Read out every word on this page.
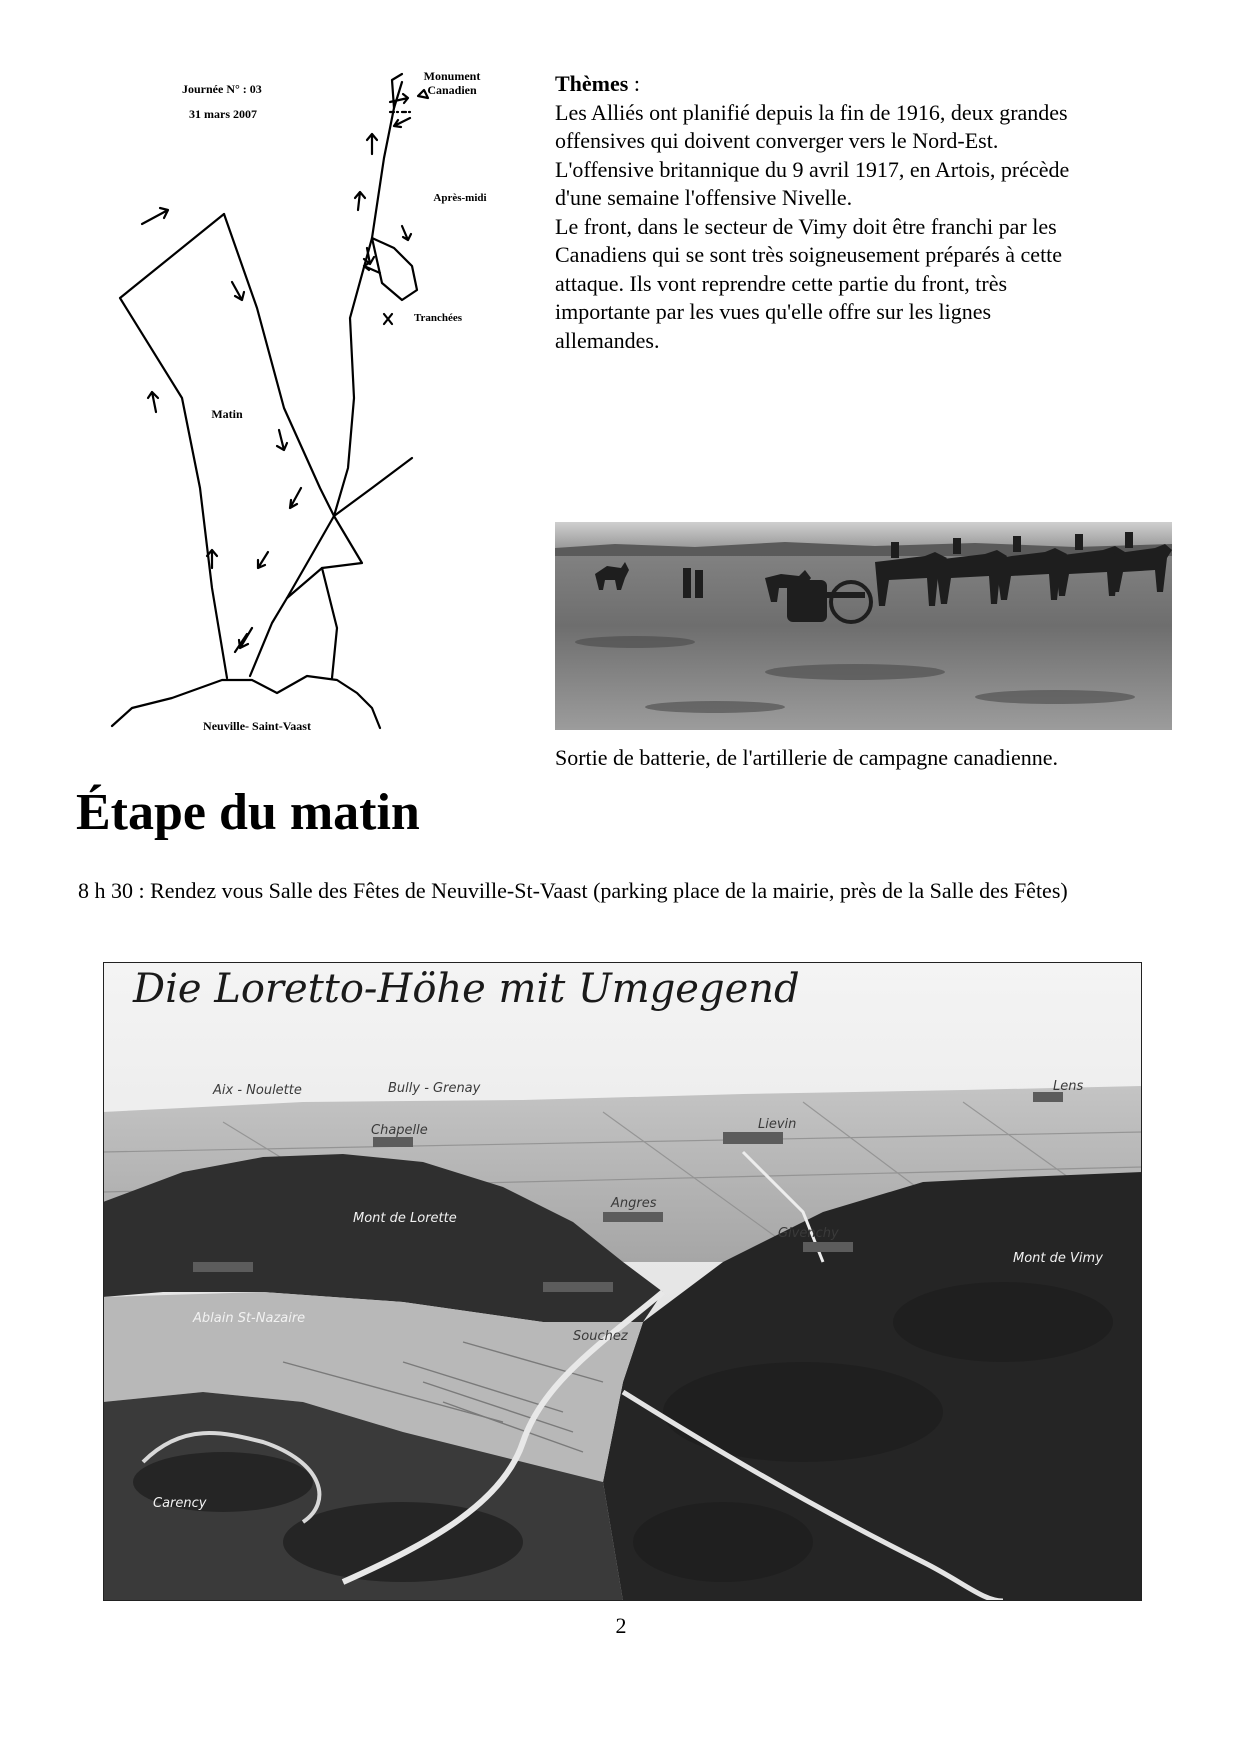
Journée N° : 03
31 mars 2007
Monument
Canadien
Après-midi
Tranchées
Matin
Neuville- Saint-Vaast
Thèmes :

Les Alliés ont planifié depuis la fin de 1916, deux grandes
offensives qui doivent converger vers le Nord-Est.

L'offensive britannique du 9 avril 1917, en Artois, précède
d'une semaine l'offensive Nivelle.

Le front, dans le secteur de Vimy doit être franchi par les
Canadiens qui se sont très soigneusement préparés à cette
attaque. Ils vont reprendre cette partie du front, très
importante par les vues qu'elle offre sur les lignes
allemandes.

Sortie de batterie, de l'artillerie de campagne canadienne.
Étape du matin
8 h 30 : Rendez vous Salle des Fêtes de Neuville-St-Vaast (parking place de la mairie, près de la Salle des Fêtes)
Die Loretto-Höhe mit Umgegend
Aix - Noulette	Bully - Grenay	Lens
Chapelle	Lievin
Angres
Givenchy
Mont de Lorette
Mont de Vimy
Ablain St-Nazaire
Souchez
Carency
2
